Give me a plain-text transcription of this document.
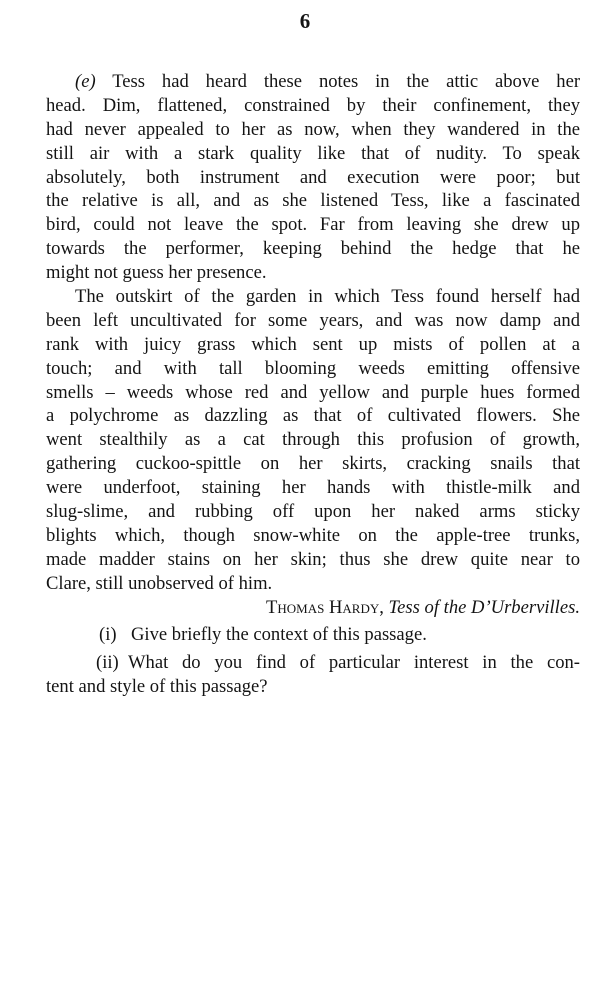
6
(e) Tess had heard these notes in the attic above her
head. Dim, flattened, constrained by their confinement, they
had never appealed to her as now, when they wandered in the
still air with a stark quality like that of nudity. To speak
absolutely, both instrument and execution were poor; but
the relative is all, and as she listened Tess, like a fascinated
bird, could not leave the spot. Far from leaving she drew up
towards the performer, keeping behind the hedge that he
might not guess her presence.
The outskirt of the garden in which Tess found herself had
been left uncultivated for some years, and was now damp and
rank with juicy grass which sent up mists of pollen at a
touch; and with tall blooming weeds emitting offensive
smells – weeds whose red and yellow and purple hues formed
a polychrome as dazzling as that of cultivated flowers. She
went stealthily as a cat through this profusion of growth,
gathering cuckoo-spittle on her skirts, cracking snails that
were underfoot, staining her hands with thistle-milk and
slug-slime, and rubbing off upon her naked arms sticky
blights which, though snow-white on the apple-tree trunks,
made madder stains on her skin; thus she drew quite near to
Clare, still unobserved of him.
Thomas Hardy, Tess of the D’Urbervilles.
(i) Give briefly the context of this passage.
(ii) What do you find of particular interest in the con-
tent and style of this passage?
